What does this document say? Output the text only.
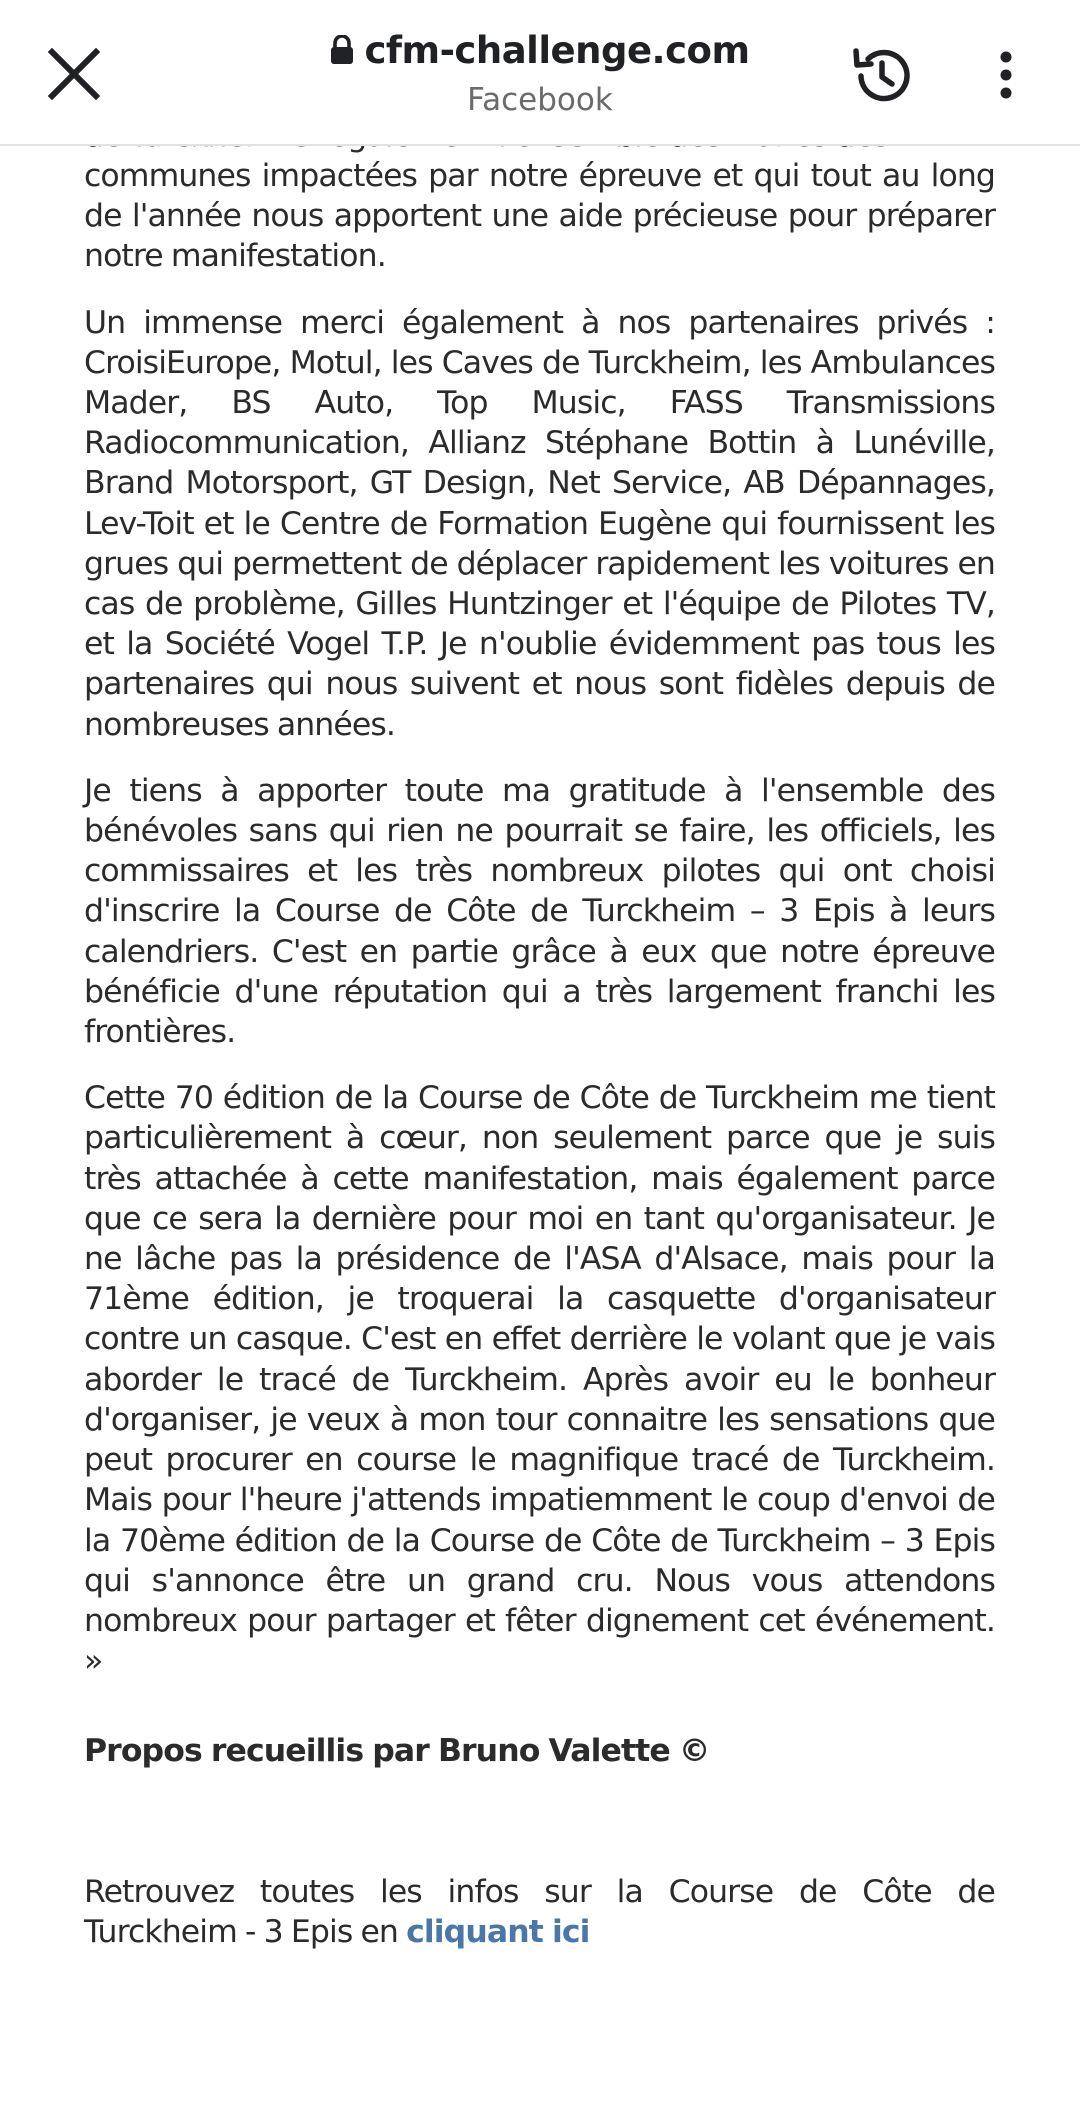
cfm-challenge.com
Facebook

communes impactées par notre épreuve et qui tout au long de l'année nous apportent une aide précieuse pour préparer notre manifestation.

Un immense merci également à nos partenaires privés : CroisiEurope, Motul, les Caves de Turckheim, les Ambulances Mader, BS Auto, Top Music, FASS Transmissions Radiocommunication, Allianz Stéphane Bottin à Lunéville, Brand Motorsport, GT Design, Net Service, AB Dépannages, Lev-Toit et le Centre de Formation Eugène qui fournissent les grues qui permettent de déplacer rapidement les voitures en cas de problème, Gilles Huntzinger et l'équipe de Pilotes TV, et la Société Vogel T.P. Je n'oublie évidemment pas tous les partenaires qui nous suivent et nous sont fidèles depuis de nombreuses années.

Je tiens à apporter toute ma gratitude à l'ensemble des bénévoles sans qui rien ne pourrait se faire, les officiels, les commissaires et les très nombreux pilotes qui ont choisi d'inscrire la Course de Côte de Turckheim – 3 Epis à leurs calendriers. C'est en partie grâce à eux que notre épreuve bénéficie d'une réputation qui a très largement franchi les frontières.

Cette 70 édition de la Course de Côte de Turckheim me tient particulièrement à cœur, non seulement parce que je suis très attachée à cette manifestation, mais également parce que ce sera la dernière pour moi en tant qu'organisateur. Je ne lâche pas la présidence de l'ASA d'Alsace, mais pour la 71ème édition, je troquerai la casquette d'organisateur contre un casque. C'est en effet derrière le volant que je vais aborder le tracé de Turckheim. Après avoir eu le bonheur d'organiser, je veux à mon tour connaitre les sensations que peut procurer en course le magnifique tracé de Turckheim. Mais pour l'heure j'attends impatiemment le coup d'envoi de la 70ème édition de la Course de Côte de Turckheim – 3 Epis qui s'annonce être un grand cru. Nous vous attendons nombreux pour partager et fêter dignement cet événement. »

Propos recueillis par Bruno Valette ©

Retrouvez toutes les infos sur la Course de Côte de Turckheim - 3 Epis en cliquant ici
